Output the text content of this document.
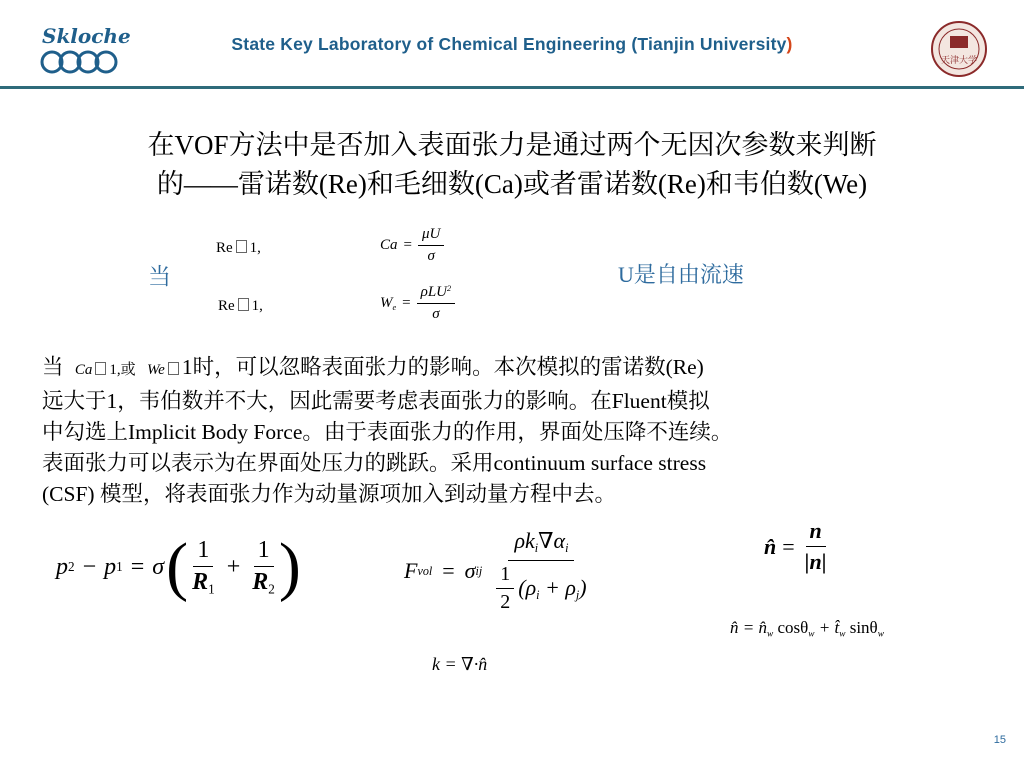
Skloche	State Key Laboratory of Chemical Engineering (Tianjin University)
天津大学
在VOF方法中是否加入表面张力是通过两个无因次参数来判断
的——雷诺数(Re)和毛细数(Ca)或者雷诺数(Re)和韦伯数(We)
当
Re 1,
Re 1,
$Ca = \frac{\mu U}{\sigma}$
$W_e = \frac{\rho LU^2}{\sigma}$
U是自由流速
当 Ca 1,或 We 1时，可以忽略表面张力的影响。本次模拟的雷诺数(Re)
远大于1，韦伯数并不大，因此需要考虑表面张力的影响。在Fluent模拟
中勾选上Implicit Body Force。由于表面张力的作用，界面处压降不连续。
表面张力可以表示为在界面处压力的跳跃。采用continuum surface stress
(CSF) 模型，将表面张力作为动量源项加入到动量方程中去。
p 2 − p 1 = σ ( $\frac{1}{R_1} + \frac{1}{R_2}$ )	F vol = σ ij $\frac{\rho k_i\nabla\alpha_i}{\frac{1}{2} (\rho_i + \rho_j)}$	n̂ = $\frac{n}{|n|}$
n̂ = $n̂_w$ $\cos\theta_w + t̂_w$ sinθ$_w$
k = ∇·n̂
15
